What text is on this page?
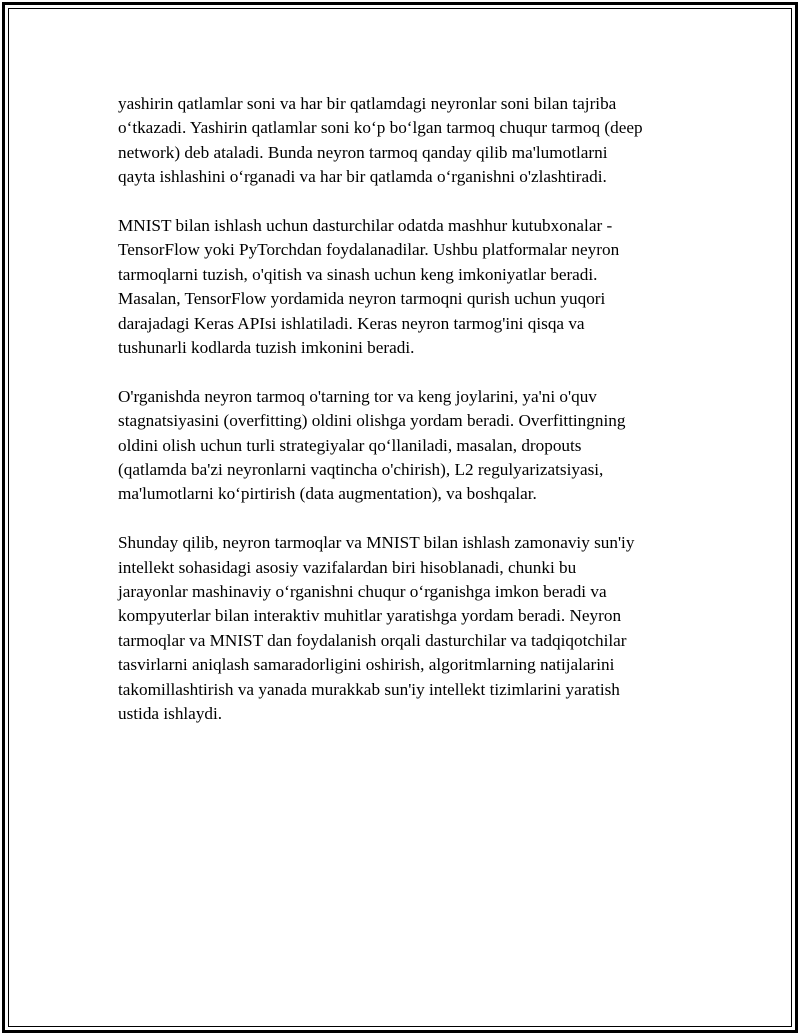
yashirin qatlamlar soni va har bir qatlamdagi neyronlar soni bilan tajriba
o‘tkazadi. Yashirin qatlamlar soni ko‘p bo‘lgan tarmoq chuqur tarmoq (deep
network) deb ataladi. Bunda neyron tarmoq qanday qilib ma'lumotlarni
qayta ishlashini o‘rganadi va har bir qatlamda o‘rganishni o'zlashtiradi.

MNIST bilan ishlash uchun dasturchilar odatda mashhur kutubxonalar -
TensorFlow yoki PyTorchdan foydalanadilar. Ushbu platformalar neyron
tarmoqlarni tuzish, o'qitish va sinash uchun keng imkoniyatlar beradi.
Masalan, TensorFlow yordamida neyron tarmoqni qurish uchun yuqori
darajadagi Keras APIsi ishlatiladi. Keras neyron tarmog'ini qisqa va
tushunarli kodlarda tuzish imkonini beradi.

O'rganishda neyron tarmoq o'tarning tor va keng joylarini, ya'ni o'quv
stagnatsiyasini (overfitting) oldini olishga yordam beradi. Overfittingning
oldini olish uchun turli strategiyalar qo‘llaniladi, masalan, dropouts
(qatlamda ba'zi neyronlarni vaqtincha o'chirish), L2 regulyarizatsiyasi,
ma'lumotlarni ko‘pirtirish (data augmentation), va boshqalar.

Shunday qilib, neyron tarmoqlar va MNIST bilan ishlash zamonaviy sun'iy
intellekt sohasidagi asosiy vazifalardan biri hisoblanadi, chunki bu
jarayonlar mashinaviy o‘rganishni chuqur o‘rganishga imkon beradi va
kompyuterlar bilan interaktiv muhitlar yaratishga yordam beradi. Neyron
tarmoqlar va MNIST dan foydalanish orqali dasturchilar va tadqiqotchilar
tasvirlarni aniqlash samaradorligini oshirish, algoritmlarning natijalarini
takomillashtirish va yanada murakkab sun'iy intellekt tizimlarini yaratish
ustida ishlaydi.
